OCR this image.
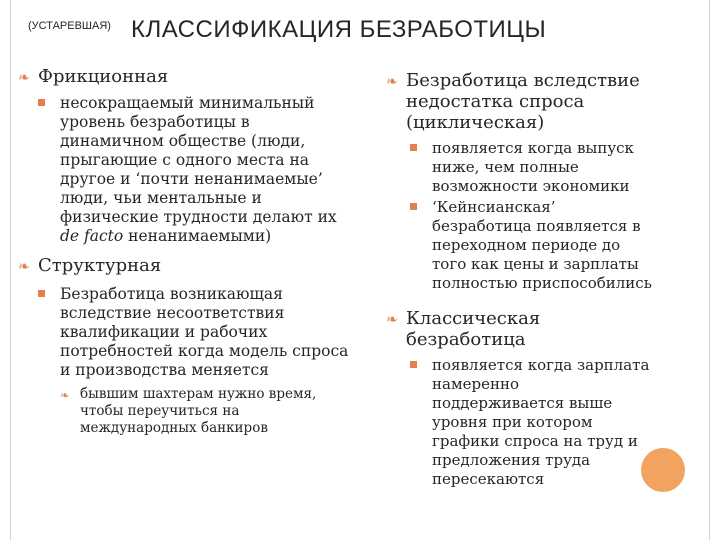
$^{(УСТАРЕВШАЯ)}$ КЛАССИФИКАЦИЯ БЕЗРАБОТИЦЫ
❧ Фрикционная
несокращаемый минимальный
уровень безработицы в
динамичном обществе (люди,
прыгающие с одного места на
другое и ‘почти ненанимаемые’
люди, чьи ментальные и
физические трудности делают их
de facto ненанимаемыми)
❧ Структурная
Безработица возникающая
вследствие несоответствия
квалификации и рабочих
потребностей когда модель спроса
и производства меняется
❧ бывшим шахтерам нужно время,
чтобы переучиться на
международных банкиров
❧ Безработица вследствие
недостатка спроса
(циклическая)
появляется когда выпуск
ниже, чем полные
возможности экономики
‘Кейнсианская’
безработица появляется в
переходном периоде до
того как цены и зарплаты
полностью приспособились
❧ Классическая
безработица
появляется когда зарплата
намеренно
поддерживается выше
уровня при котором
графики спроса на труд и
предложения труда
пересекаются
